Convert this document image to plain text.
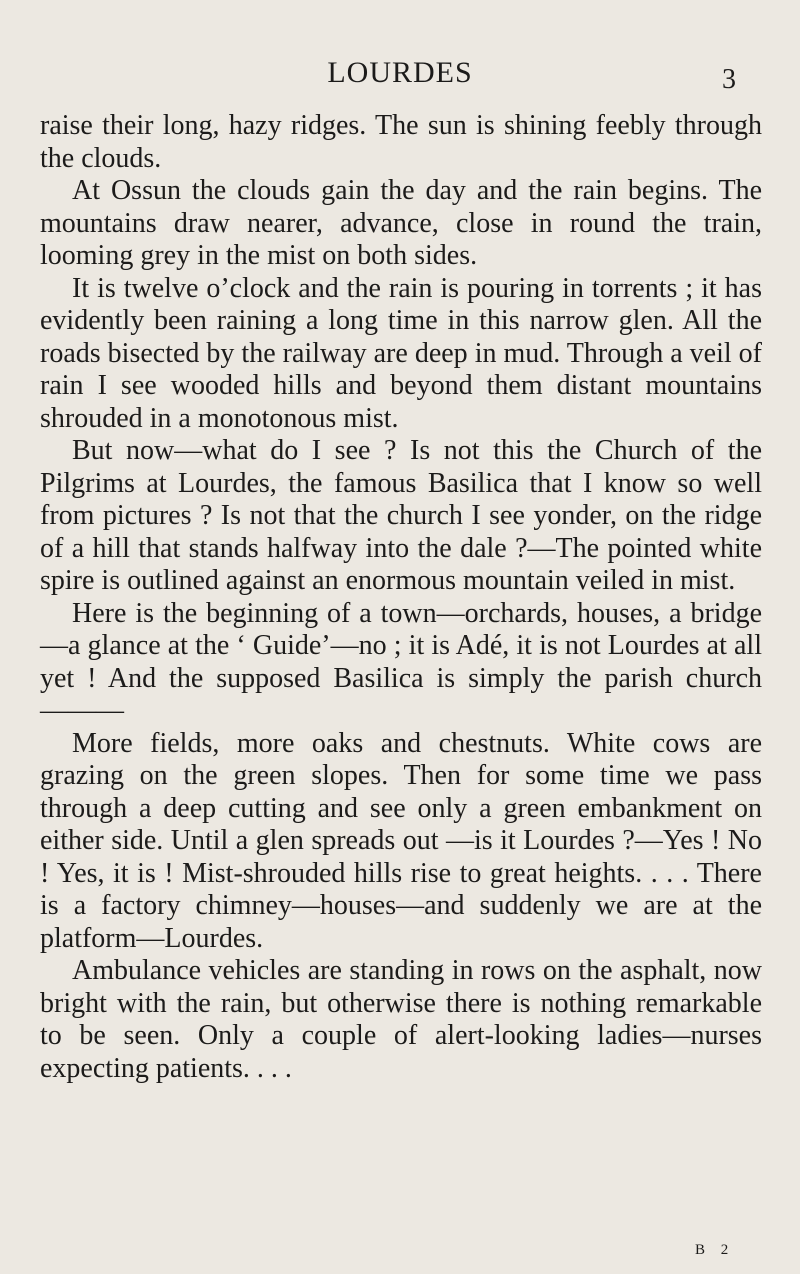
LOURDES	3

raise their long, hazy ridges. The sun is shining feebly through the clouds.

At Ossun the clouds gain the day and the rain begins. The mountains draw nearer, advance, close in round the train, looming grey in the mist on both sides.

It is twelve o’clock and the rain is pouring in torrents ; it has evidently been raining a long time in this narrow glen. All the roads bisected by the railway are deep in mud. Through a veil of rain I see wooded hills and beyond them distant mountains shrouded in a monotonous mist.

But now—what do I see ? Is not this the Church of the Pilgrims at Lourdes, the famous Basilica that I know so well from pictures ? Is not that the church I see yonder, on the ridge of a hill that stands halfway into the dale ?—The pointed white spire is outlined against an enormous mountain veiled in mist.

Here is the beginning of a town—orchards, houses, a bridge—a glance at the ‘ Guide’—no ; it is Adé, it is not Lourdes at all yet ! And the supposed Basilica is simply the parish church———

More fields, more oaks and chestnuts. White cows are grazing on the green slopes. Then for some time we pass through a deep cutting and see only a green embankment on either side. Until a glen spreads out —is it Lourdes ?—Yes ! No ! Yes, it is ! Mist-shrouded hills rise to great heights. . . . There is a factory chimney—houses—and suddenly we are at the platform—Lourdes.

Ambulance vehicles are standing in rows on the asphalt, now bright with the rain, but otherwise there is nothing remarkable to be seen. Only a couple of alert-looking ladies—nurses expecting patients. . . .

B 2
